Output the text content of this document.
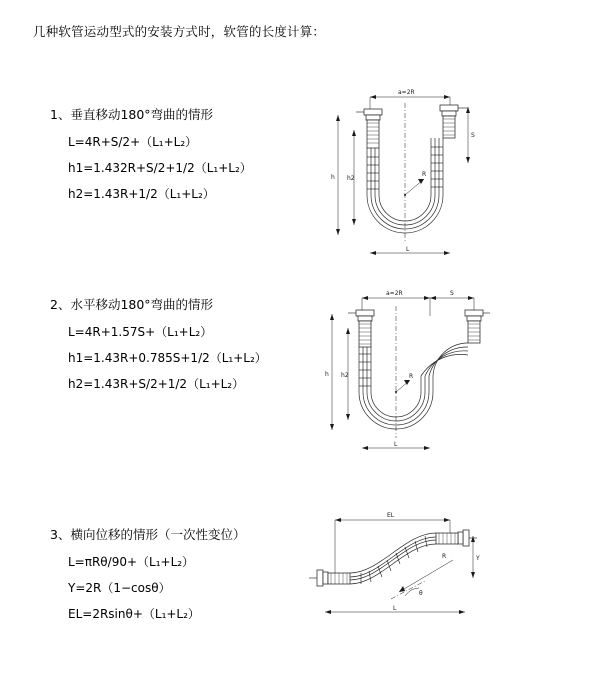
几种软管运动型式的安装方式时，软管的长度计算：

1、垂直移动180°弯曲的情形

L=4R+S/2+（L₁+L₂）

h1=1.432R+S/2+1/2（L₁+L₂）

h2=1.43R+1/2（L₁+L₂）

a=2R
S
h h2
L
R

2、水平移动180°弯曲的情形

L=4R+1.57S+（L₁+L₂）

h1=1.43R+0.785S+1/2（L₁+L₂）

h2=1.43R+S/2+1/2（L₁+L₂）

a=2R	S
h h2
L
R

3、横向位移的情形（一次性变位）

L=πRθ/90+（L₁+L₂）

Y=2R（1−cosθ）

EL=2Rsinθ+（L₁+L₂）

EL
Y
L
R
θ
